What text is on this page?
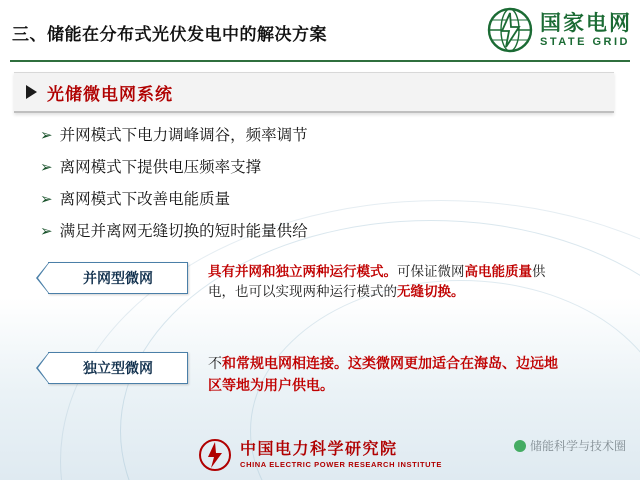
三、储能在分布式光伏发电中的解决方案	国家电网
STATE GRID
光储微电网系统
➢ 并网模式下电力调峰调谷，频率调节
➢ 离网模式下提供电压频率支撑
➢ 离网模式下改善电能质量
➢ 满足并离网无缝切换的短时能量供给
并网型微网	具有并网和独立两种运行模式。可保证微网高电能质量供电，也可以实现两种运行模式的无缝切换。
独立型微网	不和常规电网相连接。这类微网更加适合在海岛、边远地区等地为用户供电。
储能科学与技术圈
中国电力科学研究院
CHINA ELECTRIC POWER RESEARCH INSTITUTE
